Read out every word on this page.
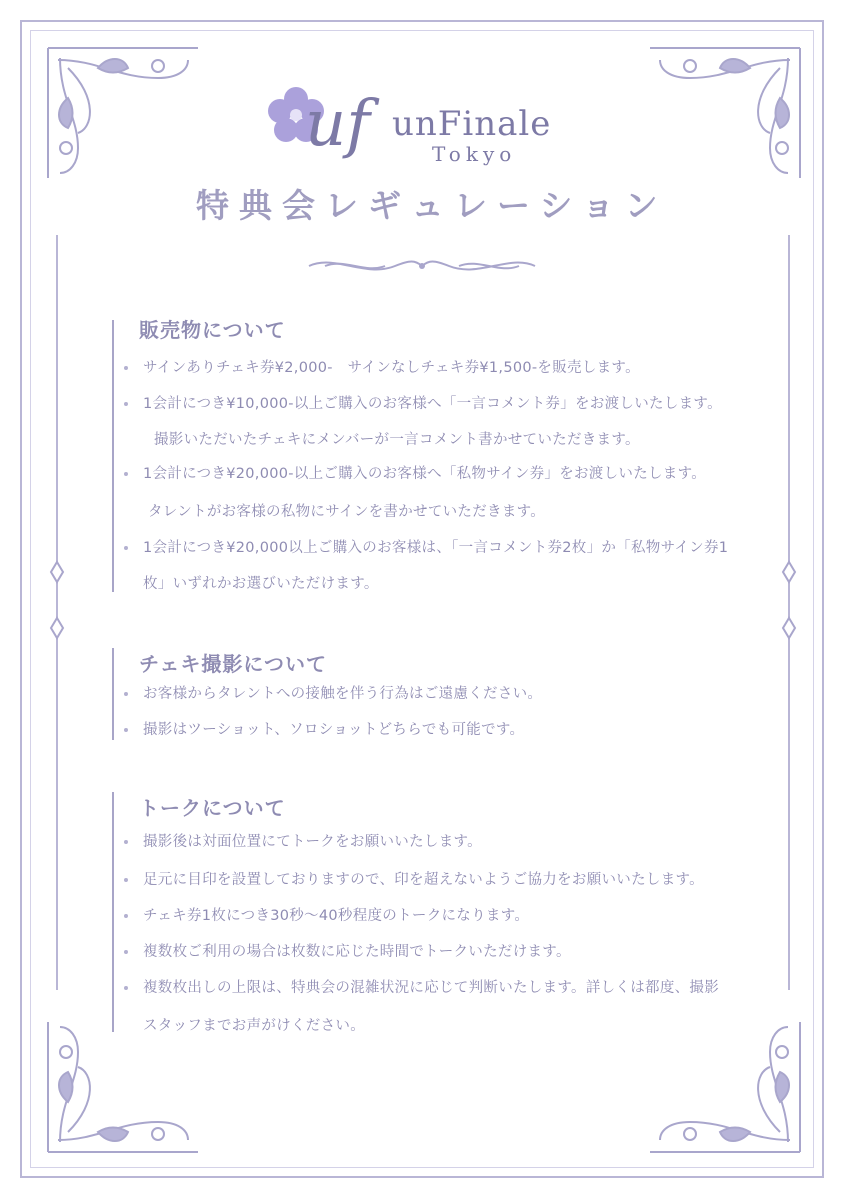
uf unFinale
Tokyo
特典会レギュレーション
販売物について
サインありチェキ券¥2,000-　サインなしチェキ券¥1,500-を販売します。
1会計につき¥10,000-以上ご購入のお客様へ「一言コメント券」をお渡しいたします。
撮影いただいたチェキにメンバーが一言コメント書かせていただきます。
1会計につき¥20,000-以上ご購入のお客様へ「私物サイン券」をお渡しいたします。
タレントがお客様の私物にサインを書かせていただきます。
1会計につき¥20,000以上ご購入のお客様は、「一言コメント券2枚」か「私物サイン券1
枚」いずれかお選びいただけます。
チェキ撮影について
お客様からタレントへの接触を伴う行為はご遠慮ください。
撮影はツーショット、ソロショットどちらでも可能です。
トークについて
撮影後は対面位置にてトークをお願いいたします。
足元に目印を設置しておりますので、印を超えないようご協力をお願いいたします。
チェキ券1枚につき30秒～40秒程度のトークになります。
複数枚ご利用の場合は枚数に応じた時間でトークいただけます。
複数枚出しの上限は、特典会の混雑状況に応じて判断いたします。詳しくは都度、撮影
スタッフまでお声がけください。
